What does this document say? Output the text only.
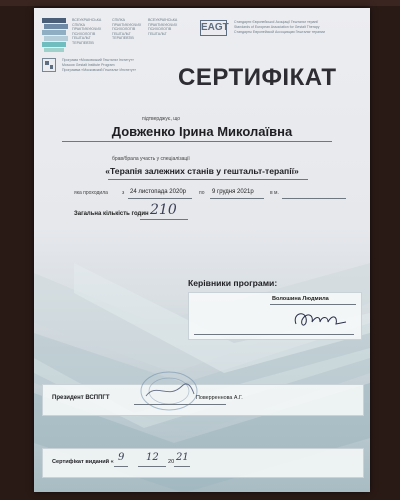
ВСЕУКРАЇНСЬКА
СПІЛКА
ПРАКТИКУЮЧИХ
ПСИХОЛОГІВ
ГЕШТАЛЬТ
ТЕРАПЕВТІВ
СПІЛКА
ПРАКТИКУЮЧИХ
ПСИХОЛОГІВ
ГЕШТАЛЬТ
ТЕРАПЕВТІВ
ВСЕУКРАЇНСЬКА
ПРАКТИКУЮЧИХ
ПСИХОЛОГІВ
ГЕШТАЛЬТ
EAGT Стандарти Європейської Асоціації Гештальт терапії
Standards of European Association for Gestalt Therapy
Стандарты Европейской Ассоциации Гештальт терапии
Програма «Московський Гештальт Інститут»
Moscow Gestalt Institute Program
Программа «Московский Гештальт Институт»	СЕРТИФІКАТ
підтверджує, що
Довженко Ірина Миколаївна
брав/брала участь у спеціалізації
«Терапія залежних станів у гештальт-терапії»
яка проходила	з 24 листопада 2020р	по 9 грудня 2021р	в м.
Загальна кількість годин 210
Керівники програми:
Волошина Людмила
Президент ВСППГТ	Поверреннова А.Г.
Сертифікат виданий « 9 12 20 21
